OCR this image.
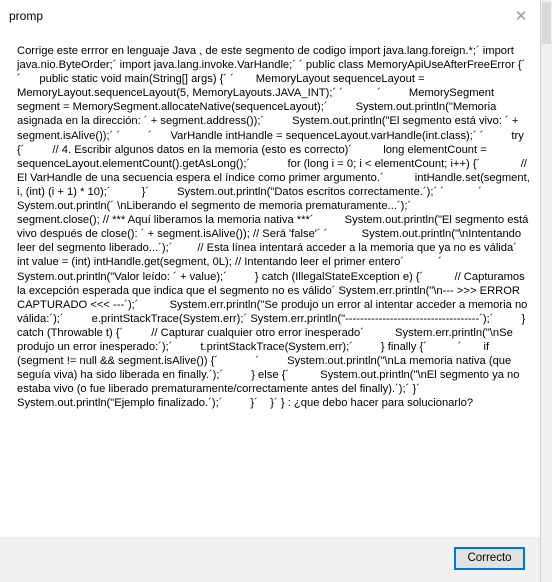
promp	✕
Corrige este errror en lenguaje Java , de este segmento de codigo import java.lang.foreign.*;´ import java.nio.ByteOrder;´ import java.lang.invoke.VarHandle;´ ´ public class MemoryApiUseAfterFreeError {´ ´      public static void main(String[] args) {´ ´       MemoryLayout sequenceLayout = MemoryLayout.sequenceLayout(5, MemoryLayouts.JAVA_INT);´ ´           ´         MemorySegment segment = MemorySegment.allocateNative(sequenceLayout);´         System.out.println("Memoria asignada en la dirección: ´ + segment.address());´         System.out.println("El segmento está vivo: ´ + segment.isAlive());´ ´         ´      VarHandle intHandle = sequenceLayout.varHandle(int.class);´ ´         try {´         // 4. Escribir algunos datos en la memoria (esto es correcto)´          long elementCount = sequenceLayout.elementCount().getAsLong();´            for (long i = 0; i < elementCount; i++) {´             // El VarHandle de una secuencia espera el índice como primer argumento.´          intHandle.set(segment, i, (int) (i + 1) * 10);´          }´         System.out.println("Datos escritos correctamente.´);´ ´           ´           System.out.println(´ \nLiberando el segmento de memoria prematuramente...´);´            segment.close(); // *** Aquí liberamos la memoria nativa ***´          System.out.println("El segmento está vivo después de close(): ´ + segment.isAlive()); // Será 'false'´ ´           System.out.println("\nIntentando leer del segmento liberado...´);´        // Esta línea intentará acceder a la memoria que ya no es válida´ int value = (int) intHandle.get(segment, 0L); // Intentando leer el primer entero´           ´ System.out.println("Valor leído: ´ + value);´         } catch (IllegalStateException e) {´          // Capturamos la excepción esperada que indica que el segmento no es válido´ System.err.println("\n--- >>> ERROR CAPTURADO <<< ---´);´          System.err.println("Se produjo un error al intentar acceder a memoria no válida:´);´         e.printStackTrace(System.err);´ System.err.println("------------------------------------´);´         } catch (Throwable t) {´         // Capturar cualquier otro error inesperado´          System.err.println("\nSe produjo un error inesperado:´);´         t.printStackTrace(System.err);´         } finally {´          ´       if (segment != null && segment.isAlive()) {´            ´         System.out.println("\nLa memoria nativa (que seguía viva) ha sido liberada en finally.´);´         } else {´          System.out.println("\nEl segmento ya no estaba vivo (o fue liberado prematuramente/correctamente antes del finally).´);´ }´         System.out.println("Ejemplo finalizado.´);´         }´    }´ } : ¿que debo hacer para solucionarlo?
Correcto
